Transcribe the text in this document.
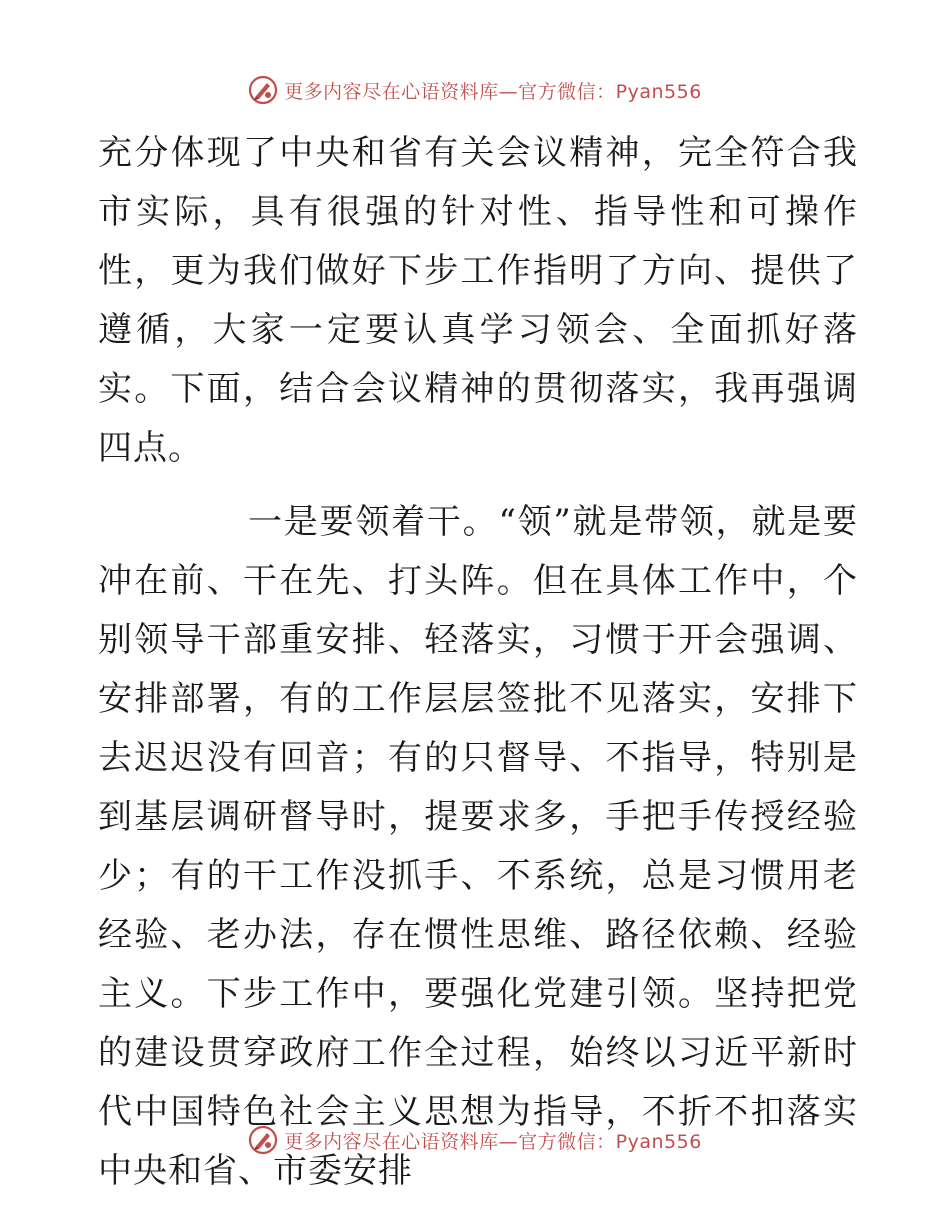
更多内容尽在心语资料库—官方微信：Pyan556

充分体现了中央和省有关会议精神，完全符合我市实际，具有很强的针对性、指导性和可操作性，更为我们做好下步工作指明了方向、提供了遵循，大家一定要认真学习领会、全面抓好落实。下面，结合会议精神的贯彻落实，我再强调四点。

一是要领着干。“领”就是带领，就是要冲在前、干在先、打头阵。但在具体工作中，个别领导干部重安排、轻落实，习惯于开会强调、安排部署，有的工作层层签批不见落实，安排下去迟迟没有回音；有的只督导、不指导，特别是到基层调研督导时，提要求多，手把手传授经验少；有的干工作没抓手、不系统，总是习惯用老经验、老办法，存在惯性思维、路径依赖、经验主义。下步工作中，要强化党建引领。坚持把党的建设贯穿政府工作全过程，始终以习近平新时代中国特色社会主义思想为指导，不折不扣落实中央和省、市委安排

更多内容尽在心语资料库—官方微信：Pyan556
